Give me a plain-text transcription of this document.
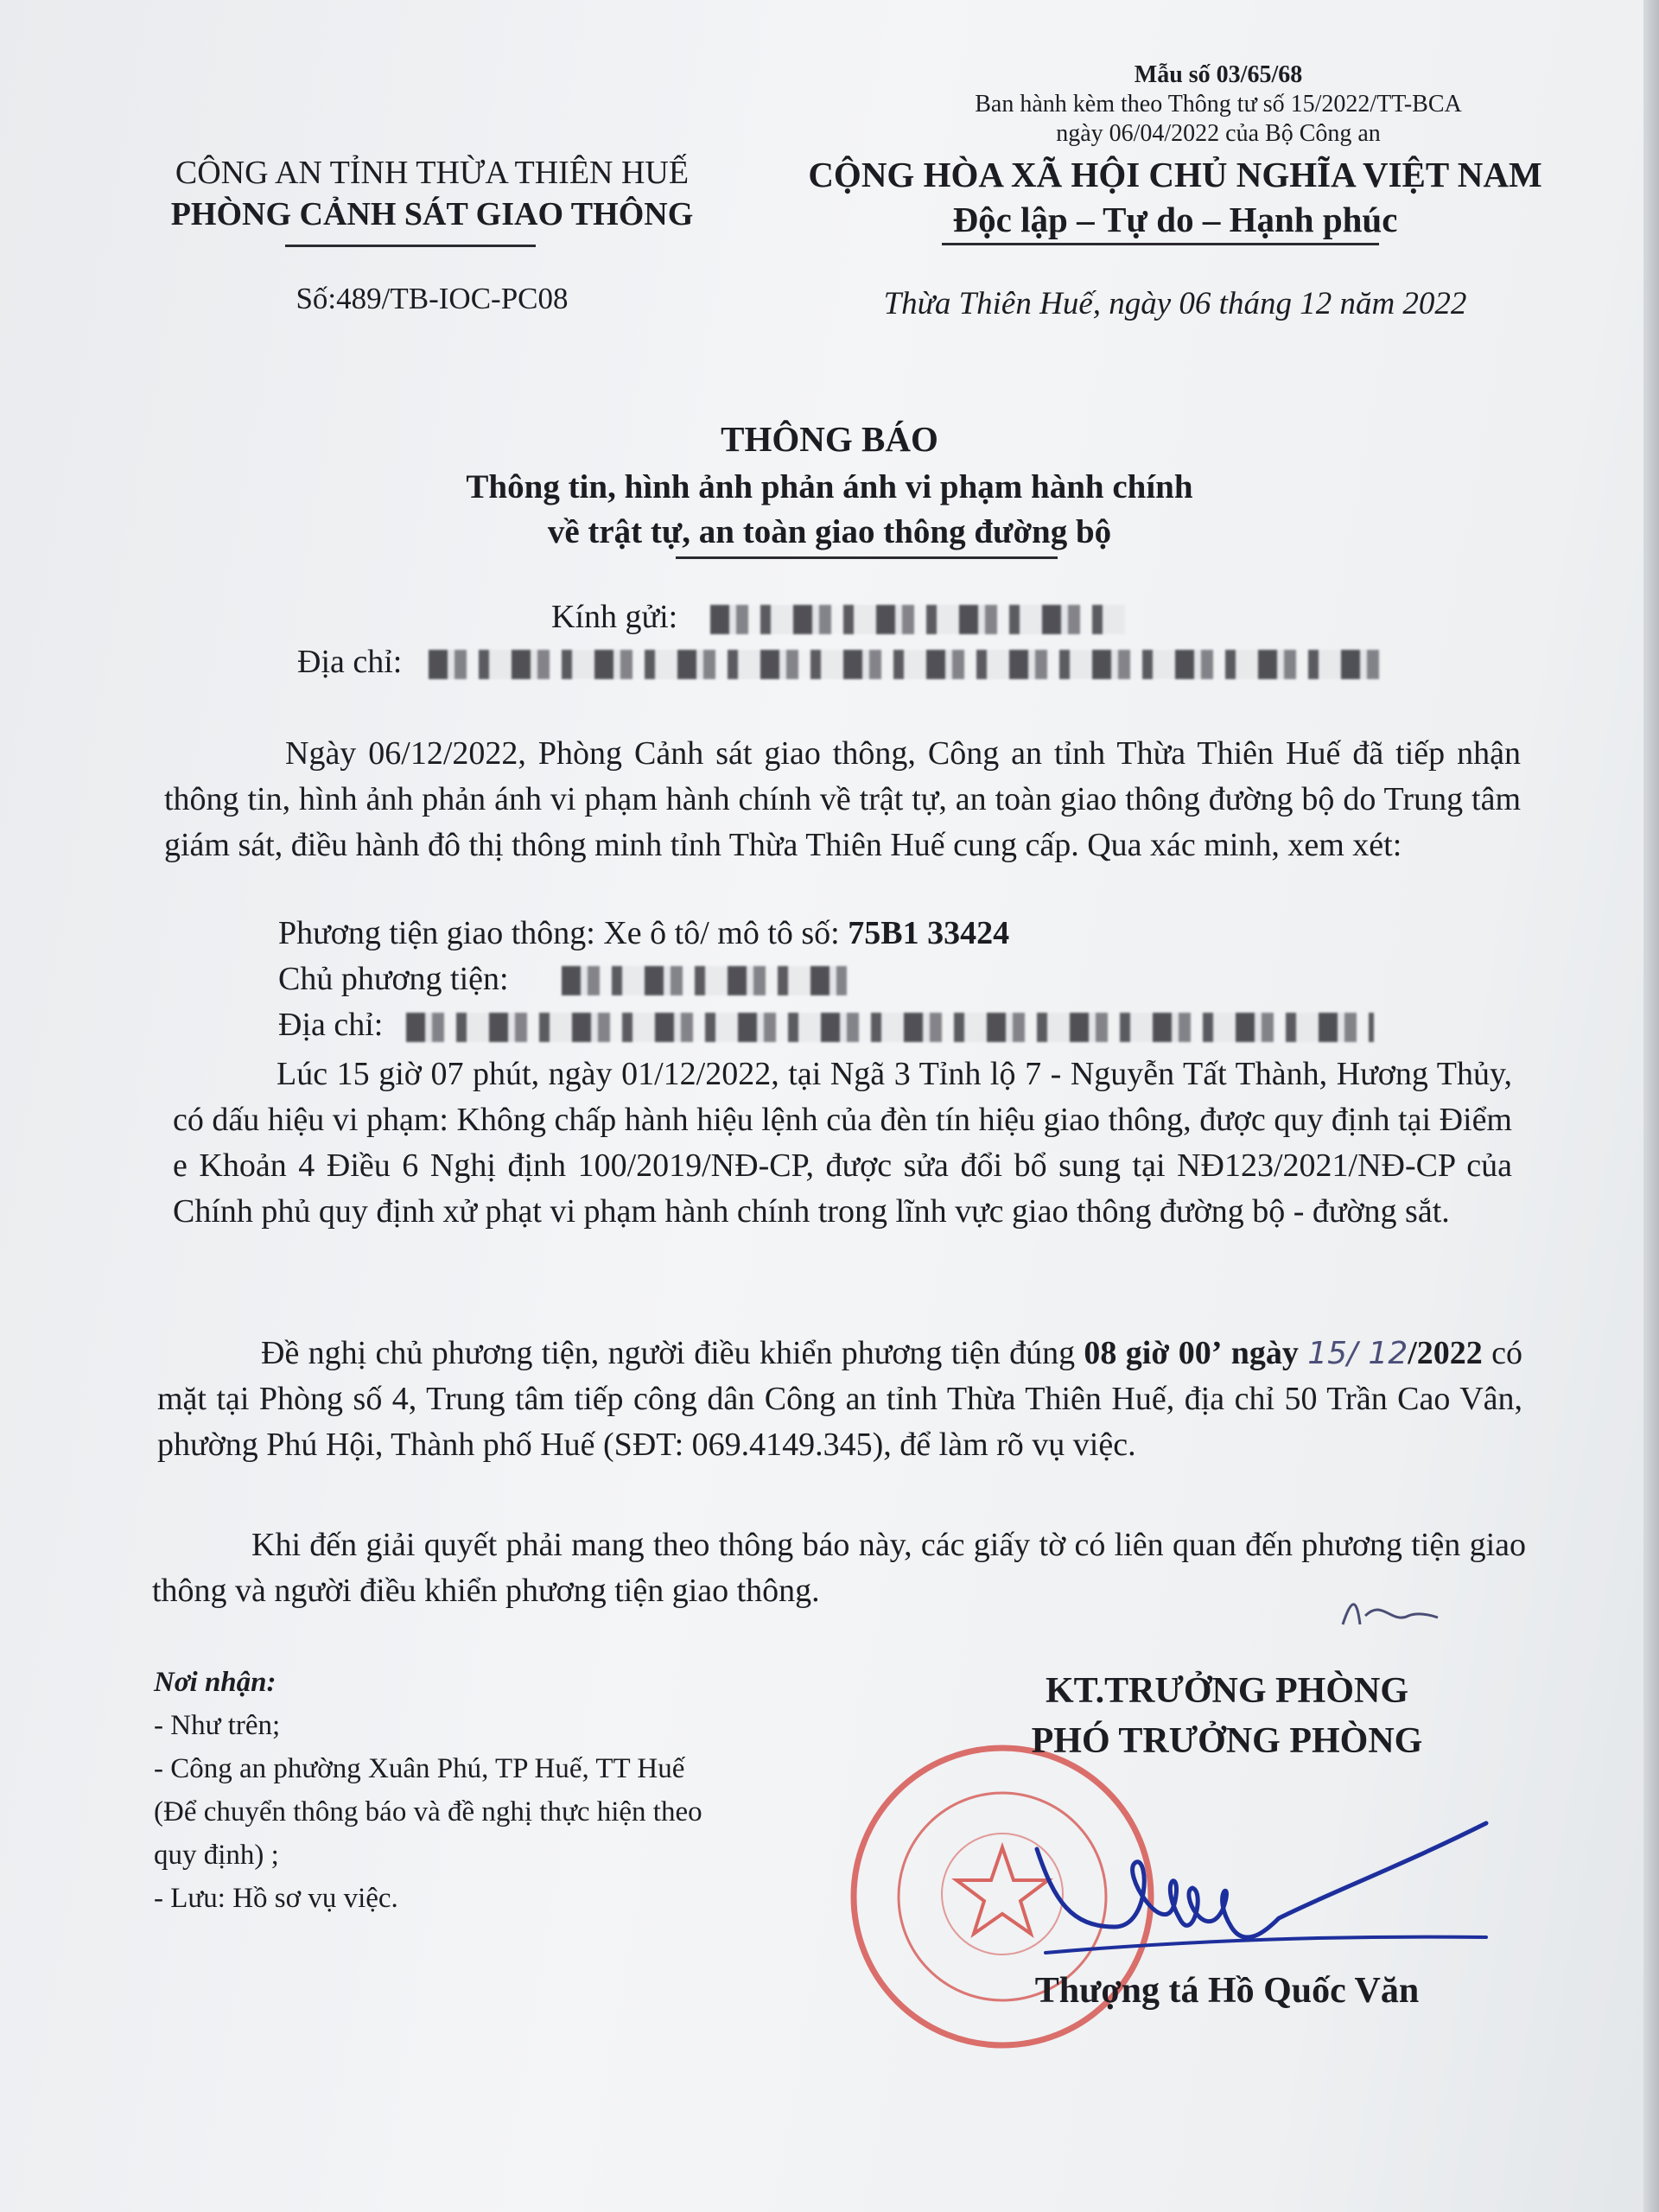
Mẫu số 03/65/68
Ban hành kèm theo Thông tư số 15/2022/TT-BCA
ngày 06/04/2022 của Bộ Công an
CÔNG AN TỈNH THỪA THIÊN HUẾ
PHÒNG CẢNH SÁT GIAO THÔNG
CỘNG HÒA XÃ HỘI CHỦ NGHĨA VIỆT NAM
Độc lập – Tự do – Hạnh phúc
Số:489/TB-IOC-PC08	Thừa Thiên Huế, ngày 06 tháng 12 năm 2022
THÔNG BÁO
Thông tin, hình ảnh phản ánh vi phạm hành chính
về trật tự, an toàn giao thông đường bộ
Kính gửi:
Địa chỉ:
Ngày 06/12/2022, Phòng Cảnh sát giao thông, Công an tỉnh Thừa Thiên Huế đã tiếp nhận thông tin, hình ảnh phản ánh vi phạm hành chính về trật tự, an toàn giao thông đường bộ do Trung tâm giám sát, điều hành đô thị thông minh tỉnh Thừa Thiên Huế cung cấp. Qua xác minh, xem xét:
Phương tiện giao thông: Xe ô tô/ mô tô số: 75B1 33424
Chủ phương tiện:
Địa chỉ:
Lúc 15 giờ 07 phút, ngày 01/12/2022, tại Ngã 3 Tỉnh lộ 7 - Nguyễn Tất Thành, Hương Thủy, có dấu hiệu vi phạm: Không chấp hành hiệu lệnh của đèn tín hiệu giao thông, được quy định tại Điểm e Khoản 4 Điều 6 Nghị định 100/2019/NĐ-CP, được sửa đổi bổ sung tại NĐ123/2021/NĐ-CP của Chính phủ quy định xử phạt vi phạm hành chính trong lĩnh vực giao thông đường bộ - đường sắt.
Đề nghị chủ phương tiện, người điều khiển phương tiện đúng 08 giờ 00’ ngày 15/ 12/2022 có mặt tại Phòng số 4, Trung tâm tiếp công dân Công an tỉnh Thừa Thiên Huế, địa chỉ 50 Trần Cao Vân, phường Phú Hội, Thành phố Huế (SĐT: 069.4149.345), để làm rõ vụ việc.
Khi đến giải quyết phải mang theo thông báo này, các giấy tờ có liên quan đến phương tiện giao thông và người điều khiển phương tiện giao thông.
Nơi nhận:
- Như trên;
- Công an phường Xuân Phú, TP Huế, TT Huế
(Để chuyển thông báo và đề nghị thực hiện theo
quy định) ;
- Lưu: Hồ sơ vụ việc.
KT.TRƯỞNG PHÒNG
PHÓ TRƯỞNG PHÒNG
Thượng tá Hồ Quốc Văn
